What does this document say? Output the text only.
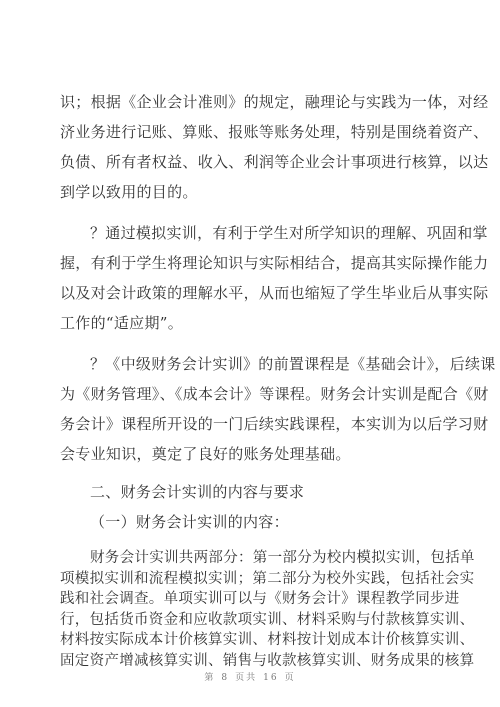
识；根据《企业会计准则》的规定，融理论与实践为一体，对经
济业务进行记账、算账、报账等账务处理，特别是围绕着资产、
负债、所有者权益、收入、利润等企业会计事项进行核算，以达
到学以致用的目的。
？通过模拟实训，有利于学生对所学知识的理解、巩固和掌
握，有利于学生将理论知识与实际相结合，提高其实际操作能力
以及对会计政策的理解水平，从而也缩短了学生毕业后从事实际
工作的“适应期”。
？《中级财务会计实训》的前置课程是《基础会计》，后续课
为《财务管理》、《成本会计》等课程。财务会计实训是配合《财
务会计》课程所开设的一门后续实践课程，本实训为以后学习财
会专业知识，奠定了良好的账务处理基础。
二、财务会计实训的内容与要求
（一）财务会计实训的内容：
第 8 页共 16 页
财务会计实训共两部分：第一部分为校内模拟实训，包括单
项模拟实训和流程模拟实训；第二部分为校外实践，包括社会实
践和社会调查。单项实训可以与《财务会计》课程教学同步进
行，包括货币资金和应收款项实训、材料采购与付款核算实训、
材料按实际成本计价核算实训、材料按计划成本计价核算实训、
固定资产增减核算实训、销售与收款核算实训、财务成果的核算
